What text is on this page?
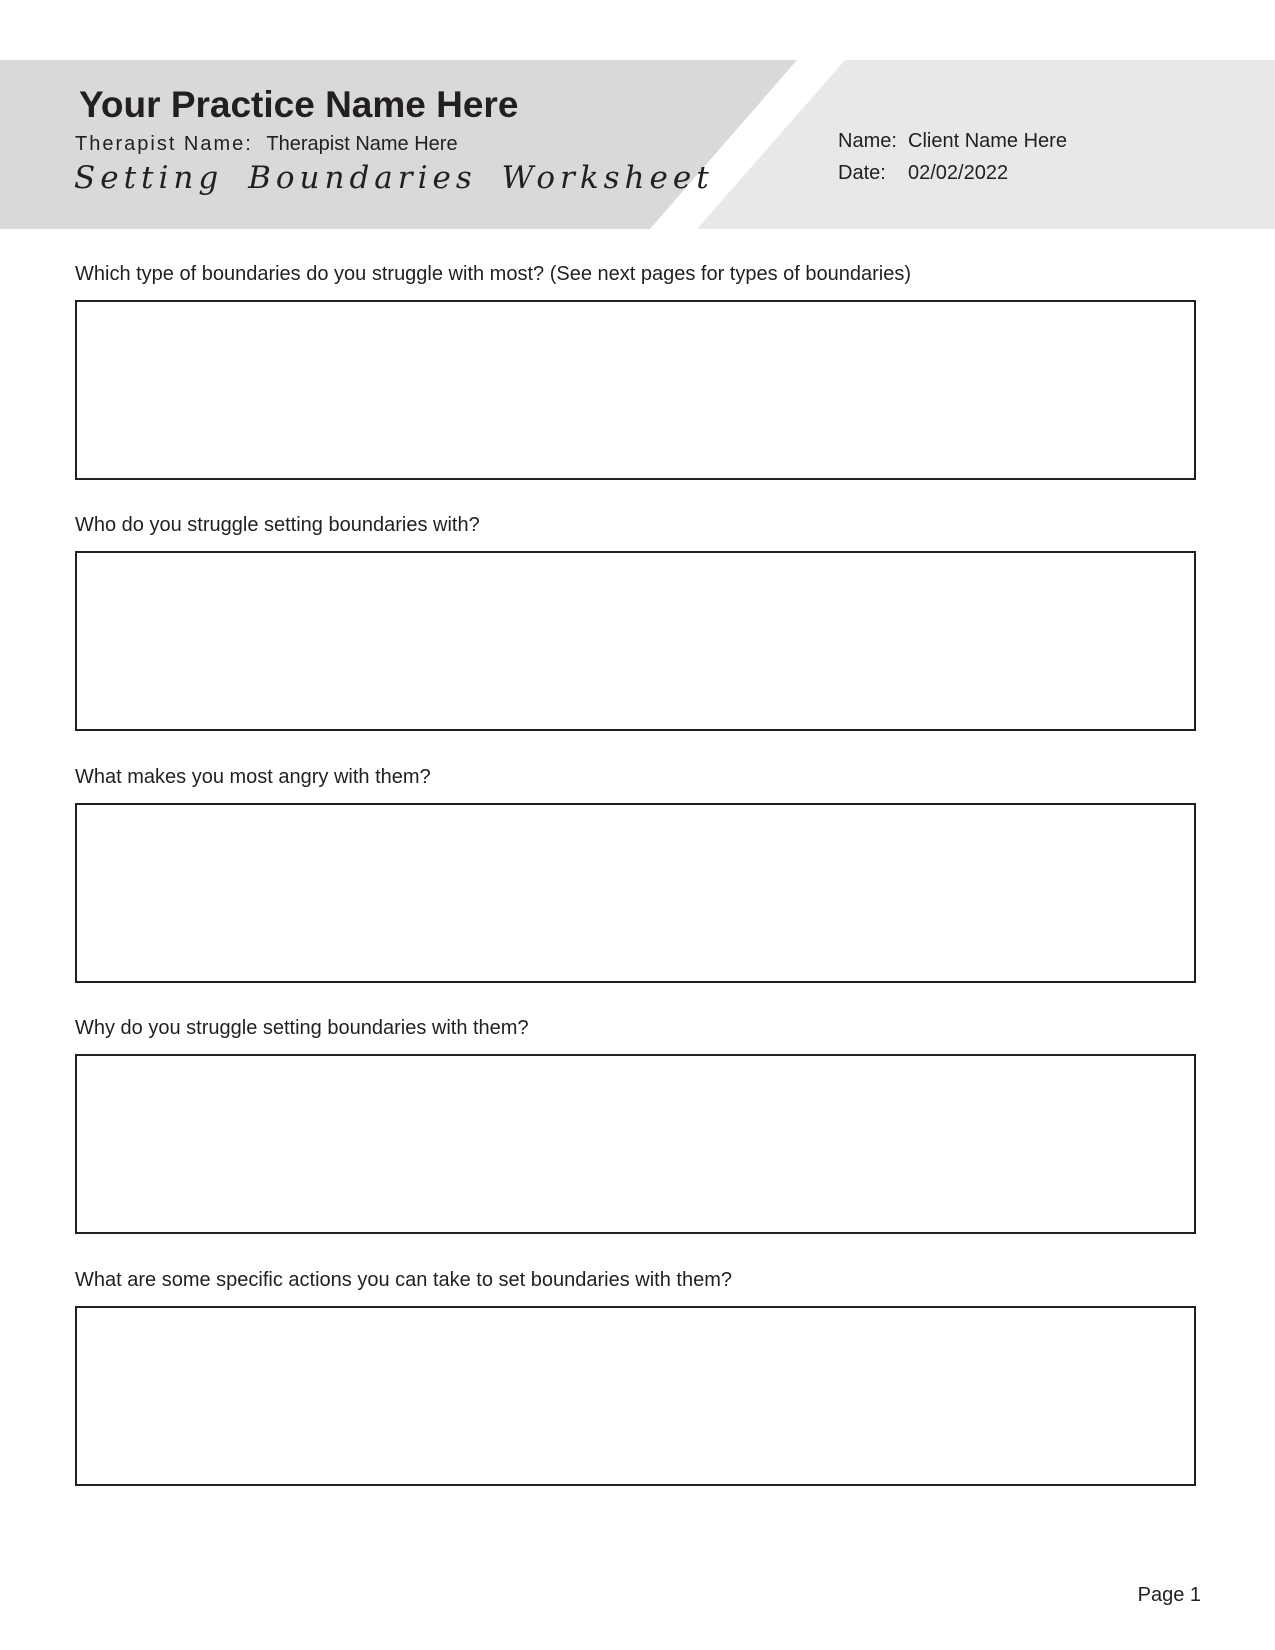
Your Practice Name Here
Therapist Name: Therapist Name Here
Setting Boundaries Worksheet
Name: Client Name Here
Date:	02/02/2022
Which type of boundaries do you struggle with most? (See next pages for types of boundaries)
Who do you struggle setting boundaries with?
What makes you most angry with them?
Why do you struggle setting boundaries with them?
What are some specific actions you can take to set boundaries with them?
Page 1
